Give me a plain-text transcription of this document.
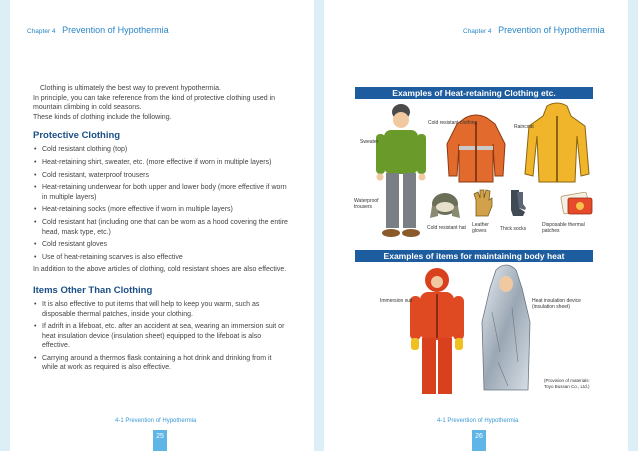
Chapter 4 Prevention of Hypothermia

Clothing is ultimately the best way to prevent hypothermia.

In principle, you can take reference from the kind of protective clothing used in mountain climbing in cold seasons.

These kinds of clothing include the following.

Protective Clothing
• Cold resistant clothing (top)
• Heat-retaining shirt, sweater, etc. (more effective if worn in multiple layers)
• Cold resistant, waterproof trousers
• Heat-retaining underwear for both upper and lower body (more effective if worn in multiple layers)
• Heat-retaining socks (more effective if worn in multiple layers)
• Cold resistant hat (including one that can be worn as a hood covering the entire head, mask type, etc.)
• Cold resistant gloves
• Use of heat-retaining scarves is also effective

In addition to the above articles of clothing, cold resistant shoes are also effective.

Items Other Than Clothing
• It is also effective to put items that will help to keep you warm, such as disposable thermal patches, inside your clothing.
• If adrift in a lifeboat, etc. after an accident at sea, wearing an immersion suit or heat insulation device (insulation sheet) equipped to the lifeboat is also effective.
• Carrying around a thermos flask containing a hot drink and drinking from it while at work as required is also effective.
4-1 Prevention of Hypothermia
25
Chapter 4 Prevention of Hypothermia
Examples of Heat-retaining Clothing etc.
Sweater
Waterproof trousers
Cold resistant clothing
Raincoat
Cold resistant hat Leather gloves	Thick socks
Disposable thermal patches
Examples of items for maintaining body heat
Immersion suit	Heat insulation device (insulation sheet)
(Provision of materials: Toyo Bussan Co., Ltd.)
4-1 Prevention of Hypothermia
26
